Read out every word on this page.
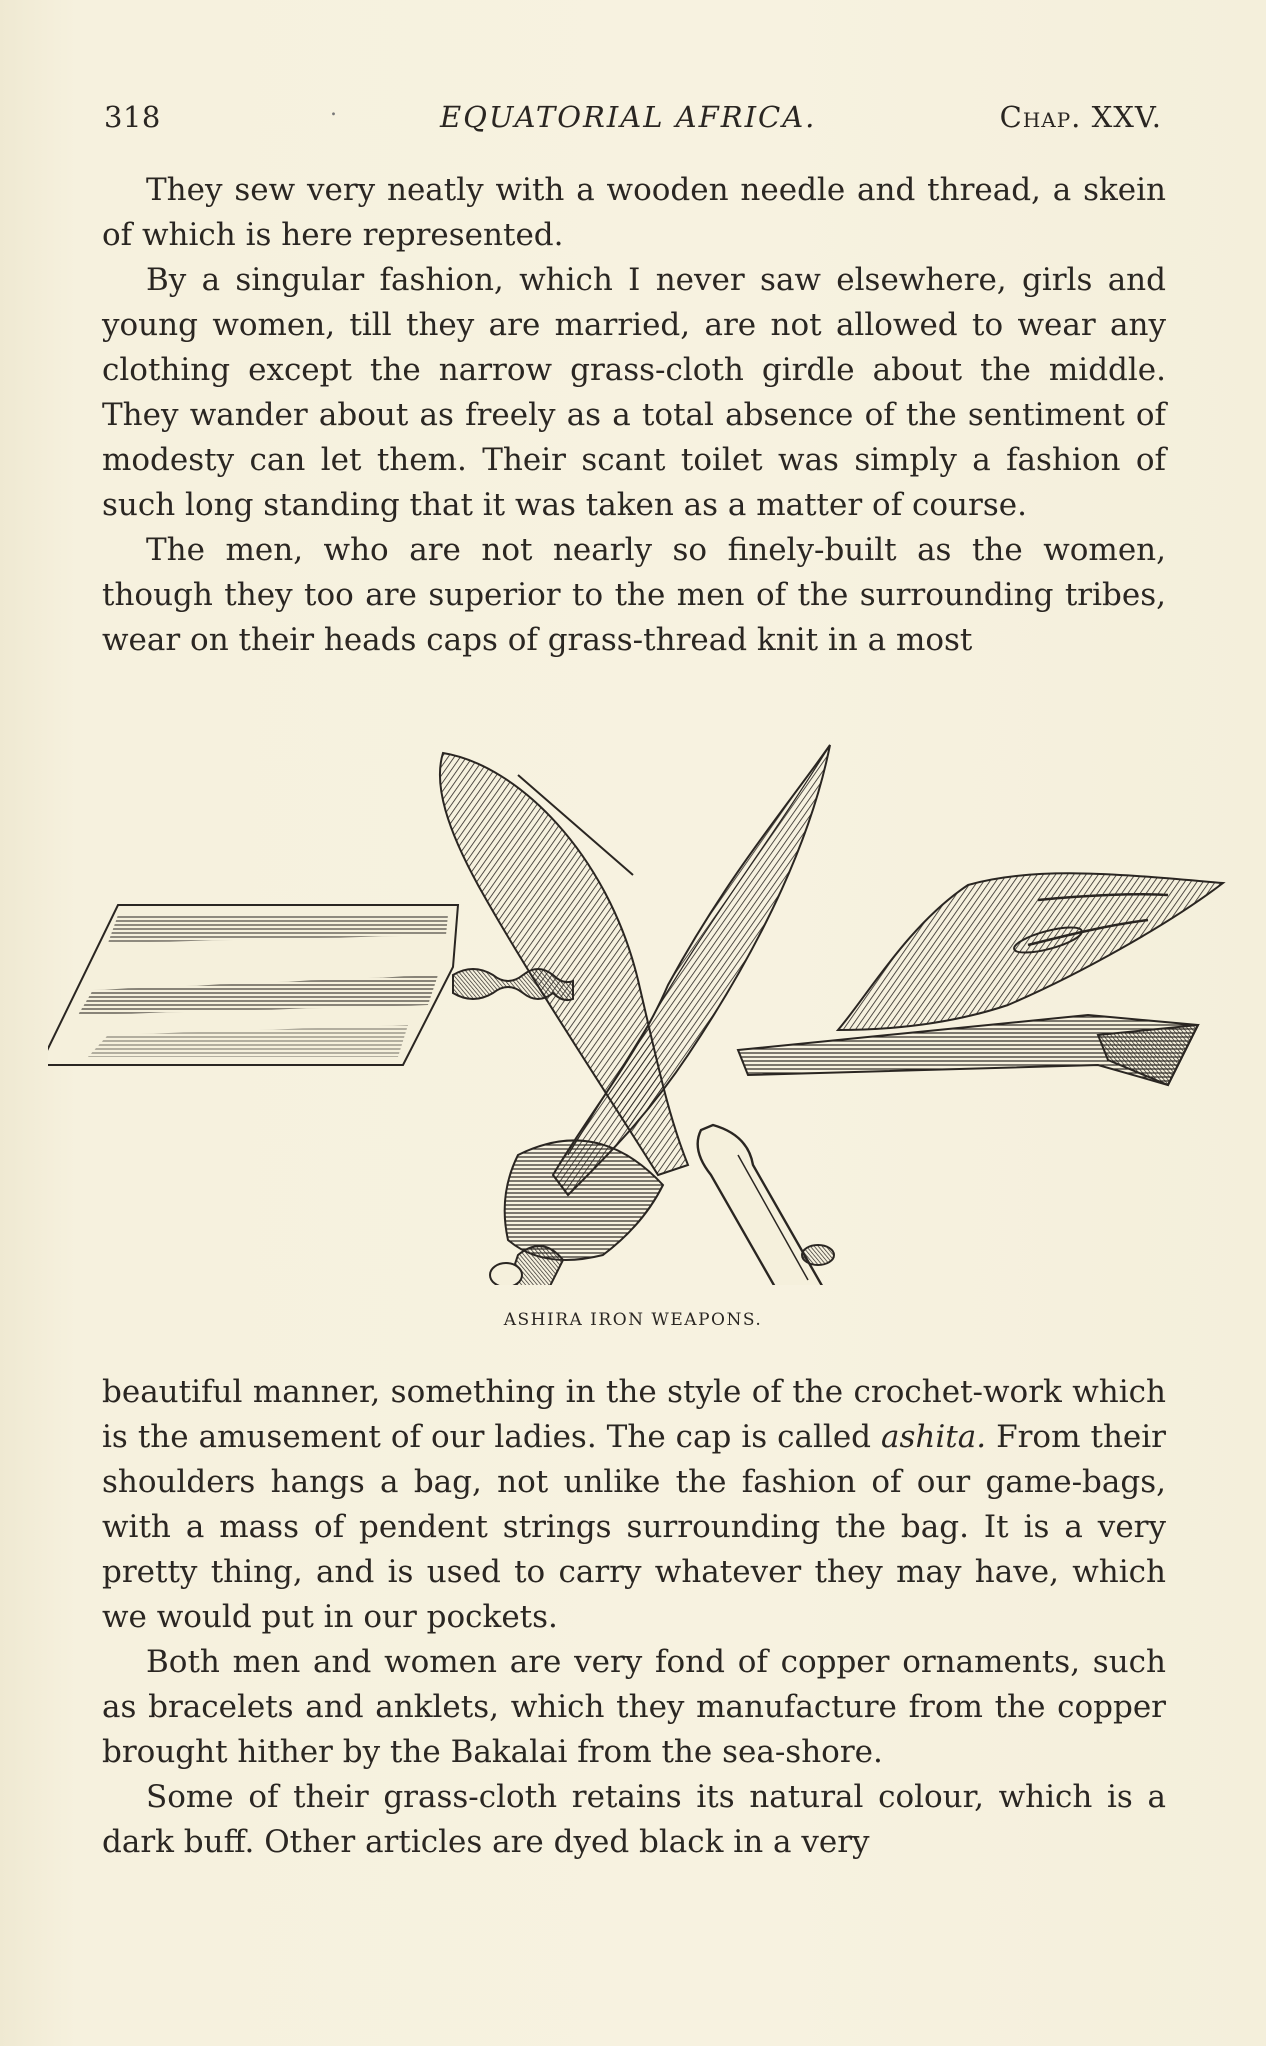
318	.	EQUATORIAL AFRICA.	Chap. XXV.

They sew very neatly with a wooden needle and thread, a skein of which is here represented.

By a singular fashion, which I never saw elsewhere, girls and young women, till they are married, are not allowed to wear any clothing except the narrow grass-cloth girdle about the middle. They wander about as freely as a total absence of the sentiment of modesty can let them. Their scant toilet was simply a fashion of such long standing that it was taken as a matter of course.

The men, who are not nearly so finely-built as the women, though they too are superior to the men of the surrounding tribes, wear on their heads caps of grass-thread knit in a most

ASHIRA IRON WEAPONS.

beautiful manner, something in the style of the crochet-work which is the amusement of our ladies. The cap is called ashita. From their shoulders hangs a bag, not unlike the fashion of our game-bags, with a mass of pendent strings surrounding the bag. It is a very pretty thing, and is used to carry whatever they may have, which we would put in our pockets.

Both men and women are very fond of copper ornaments, such as bracelets and anklets, which they manufacture from the copper brought hither by the Bakalai from the sea-shore.

Some of their grass-cloth retains its natural colour, which is a dark buff. Other articles are dyed black in a very
